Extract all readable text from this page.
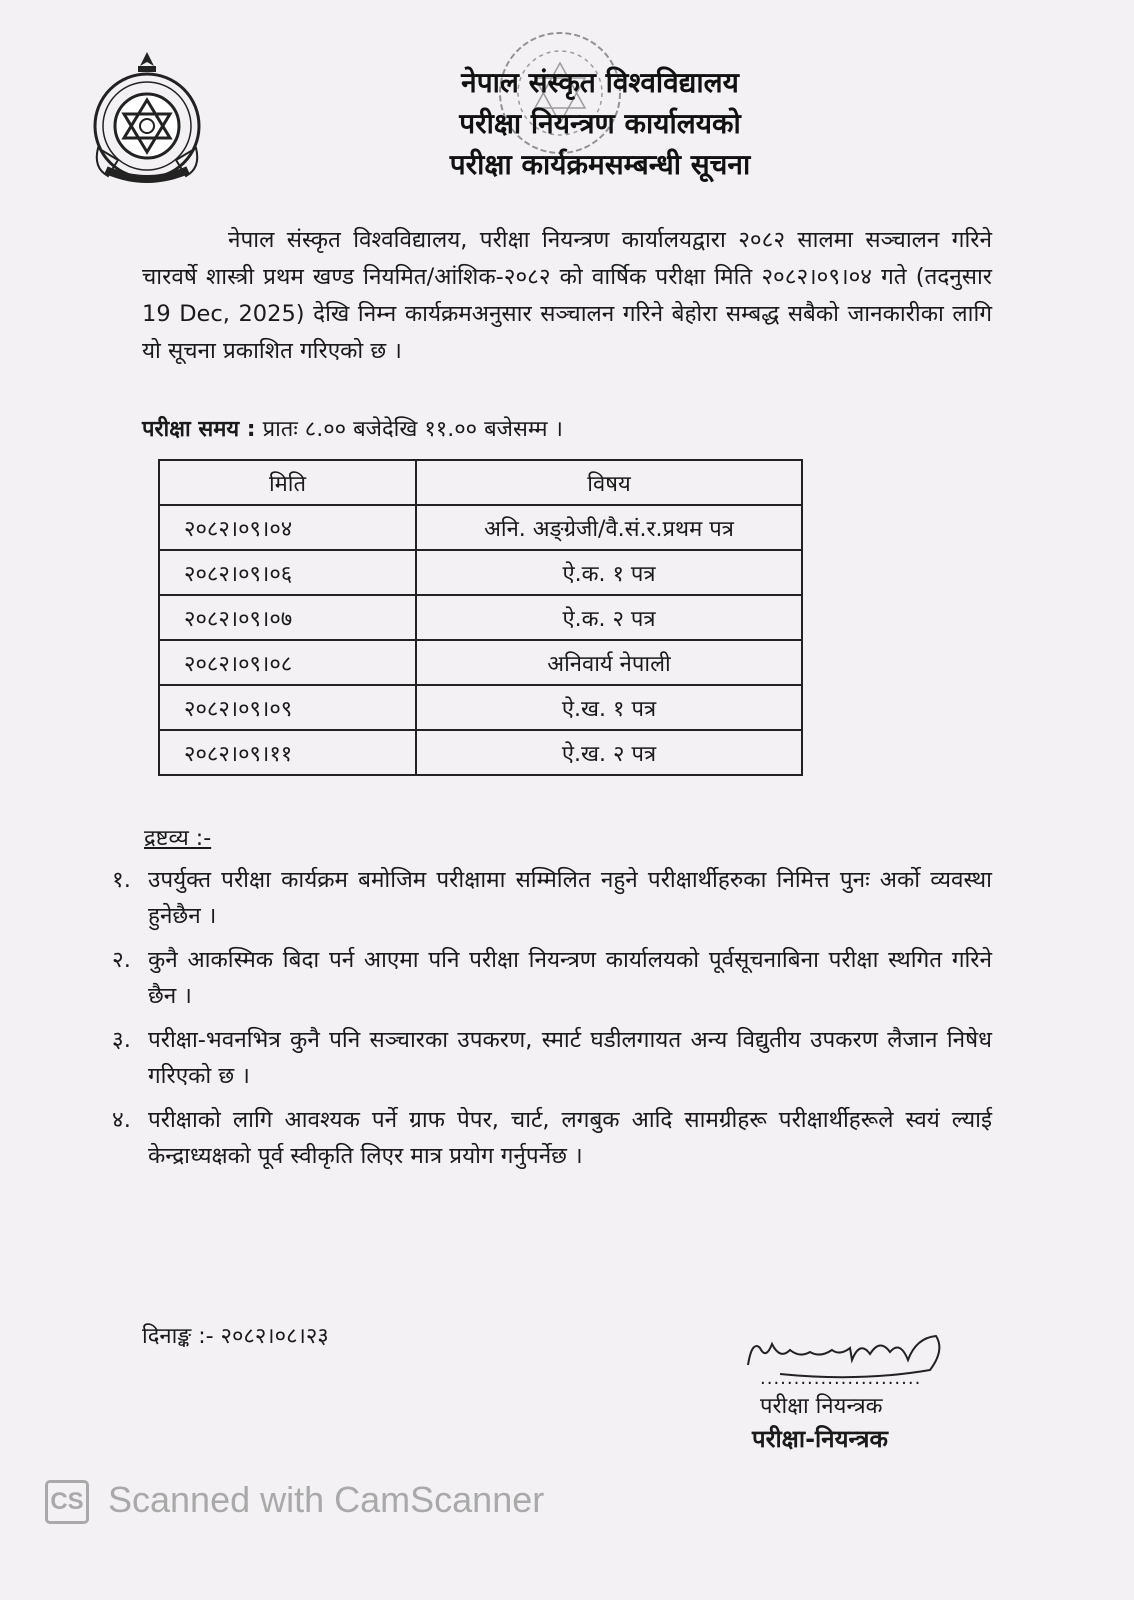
नेपाल संस्कृत विश्वविद्यालय
परीक्षा नियन्त्रण कार्यालयको
परीक्षा कार्यक्रमसम्बन्धी सूचना
नेपाल संस्कृत विश्वविद्यालय, परीक्षा नियन्त्रण कार्यालयद्वारा २०८२ सालमा सञ्चालन गरिने चारवर्षे शास्त्री प्रथम खण्ड नियमित/आंशिक-२०८२ को वार्षिक परीक्षा मिति २०८२।०९।०४ गते (तदनुसार 19 Dec, 2025) देखि निम्न कार्यक्रमअनुसार सञ्चालन गरिने बेहोरा सम्बद्ध सबैको जानकारीका लागि यो सूचना प्रकाशित गरिएको छ ।
परीक्षा समय : प्रातः ८.०० बजेदेखि ११.०० बजेसम्म ।
मिति	विषय
२०८२।०९।०४	अनि. अङ्ग्रेजी/वै.सं.र.प्रथम पत्र
२०८२।०९।०६	ऐ.क. १ पत्र
२०८२।०९।०७	ऐ.क. २ पत्र
२०८२।०९।०८	अनिवार्य नेपाली
२०८२।०९।०९	ऐ.ख. १ पत्र
२०८२।०९।११	ऐ.ख. २ पत्र
द्रष्टव्य :-
१. उपर्युक्त परीक्षा कार्यक्रम बमोजिम परीक्षामा सम्मिलित नहुने परीक्षार्थीहरुका निमित्त पुनः अर्को व्यवस्था हुनेछैन ।
२. कुनै आकस्मिक बिदा पर्न आएमा पनि परीक्षा नियन्त्रण कार्यालयको पूर्वसूचनाबिना परीक्षा स्थगित गरिने छैन ।
३. परीक्षा-भवनभित्र कुनै पनि सञ्चारका उपकरण, स्मार्ट घडीलगायत अन्य विद्युतीय उपकरण लैजान निषेध गरिएको छ ।
४. परीक्षाको लागि आवश्यक पर्ने ग्राफ पेपर, चार्ट, लगबुक आदि सामग्रीहरू परीक्षार्थीहरूले स्वयं ल्याई केन्द्राध्यक्षको पूर्व स्वीकृति लिएर मात्र प्रयोग गर्नुपर्नेछ ।
दिनाङ्क :- २०८२।०८।२३
........................
परीक्षा नियन्त्रक
परीक्षा-नियन्त्रक
CS Scanned with CamScanner
